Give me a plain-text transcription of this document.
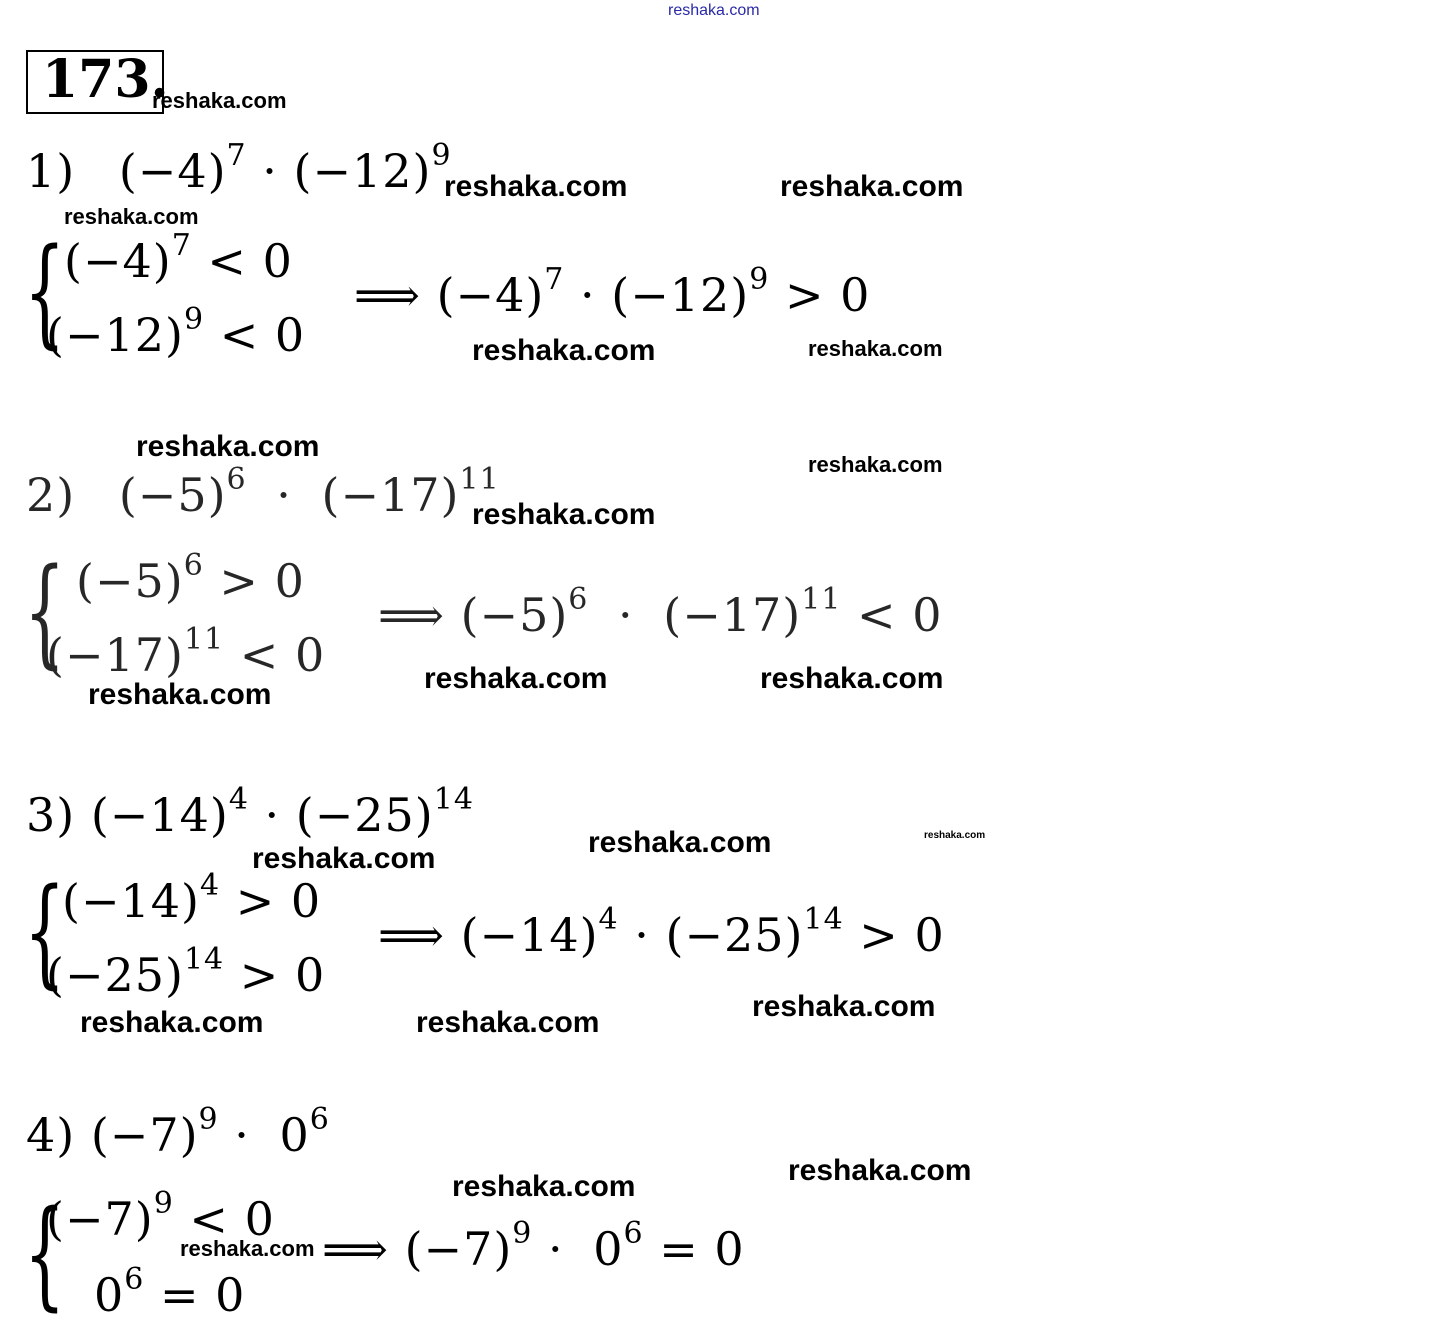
reshaka.com
173.
1) $(-4)^7 \cdot (-12)^9$
{
$(-4)^7 < 0$
$(-12)^9 < 0$
⟹ $(-4)^7 \cdot (-12)^9 > 0$
2) $(-5)^6 \cdot (-17)^{11}$
{ $(-5)^6 > 0$
$(-17)^{11} < 0$
⟹ $(-5)^6 \cdot (-17)^{11} < 0$
3) $(-14)^4 \cdot (-25)^{14}$
{
$(-14)^4 > 0$
$(-25)^{14} > 0$
⟹ $(-14)^4 \cdot (-25)^{14} > 0$
4) $(-7)^9 \cdot 0^6$
{
$(-7)^9 < 0$
$0^6 = 0$
⟹ $(-7)^9 \cdot 0^6 = 0$
reshaka.com
reshaka.com	reshaka.com
reshaka.com
reshaka.com	reshaka.com
reshaka.com
reshaka.com
reshaka.com
reshaka.com	reshaka.com
reshaka.com
reshaka.com	reshaka.com
reshaka.com
reshaka.com
reshaka.com	reshaka.com
reshaka.com
reshaka.com
reshaka.com
